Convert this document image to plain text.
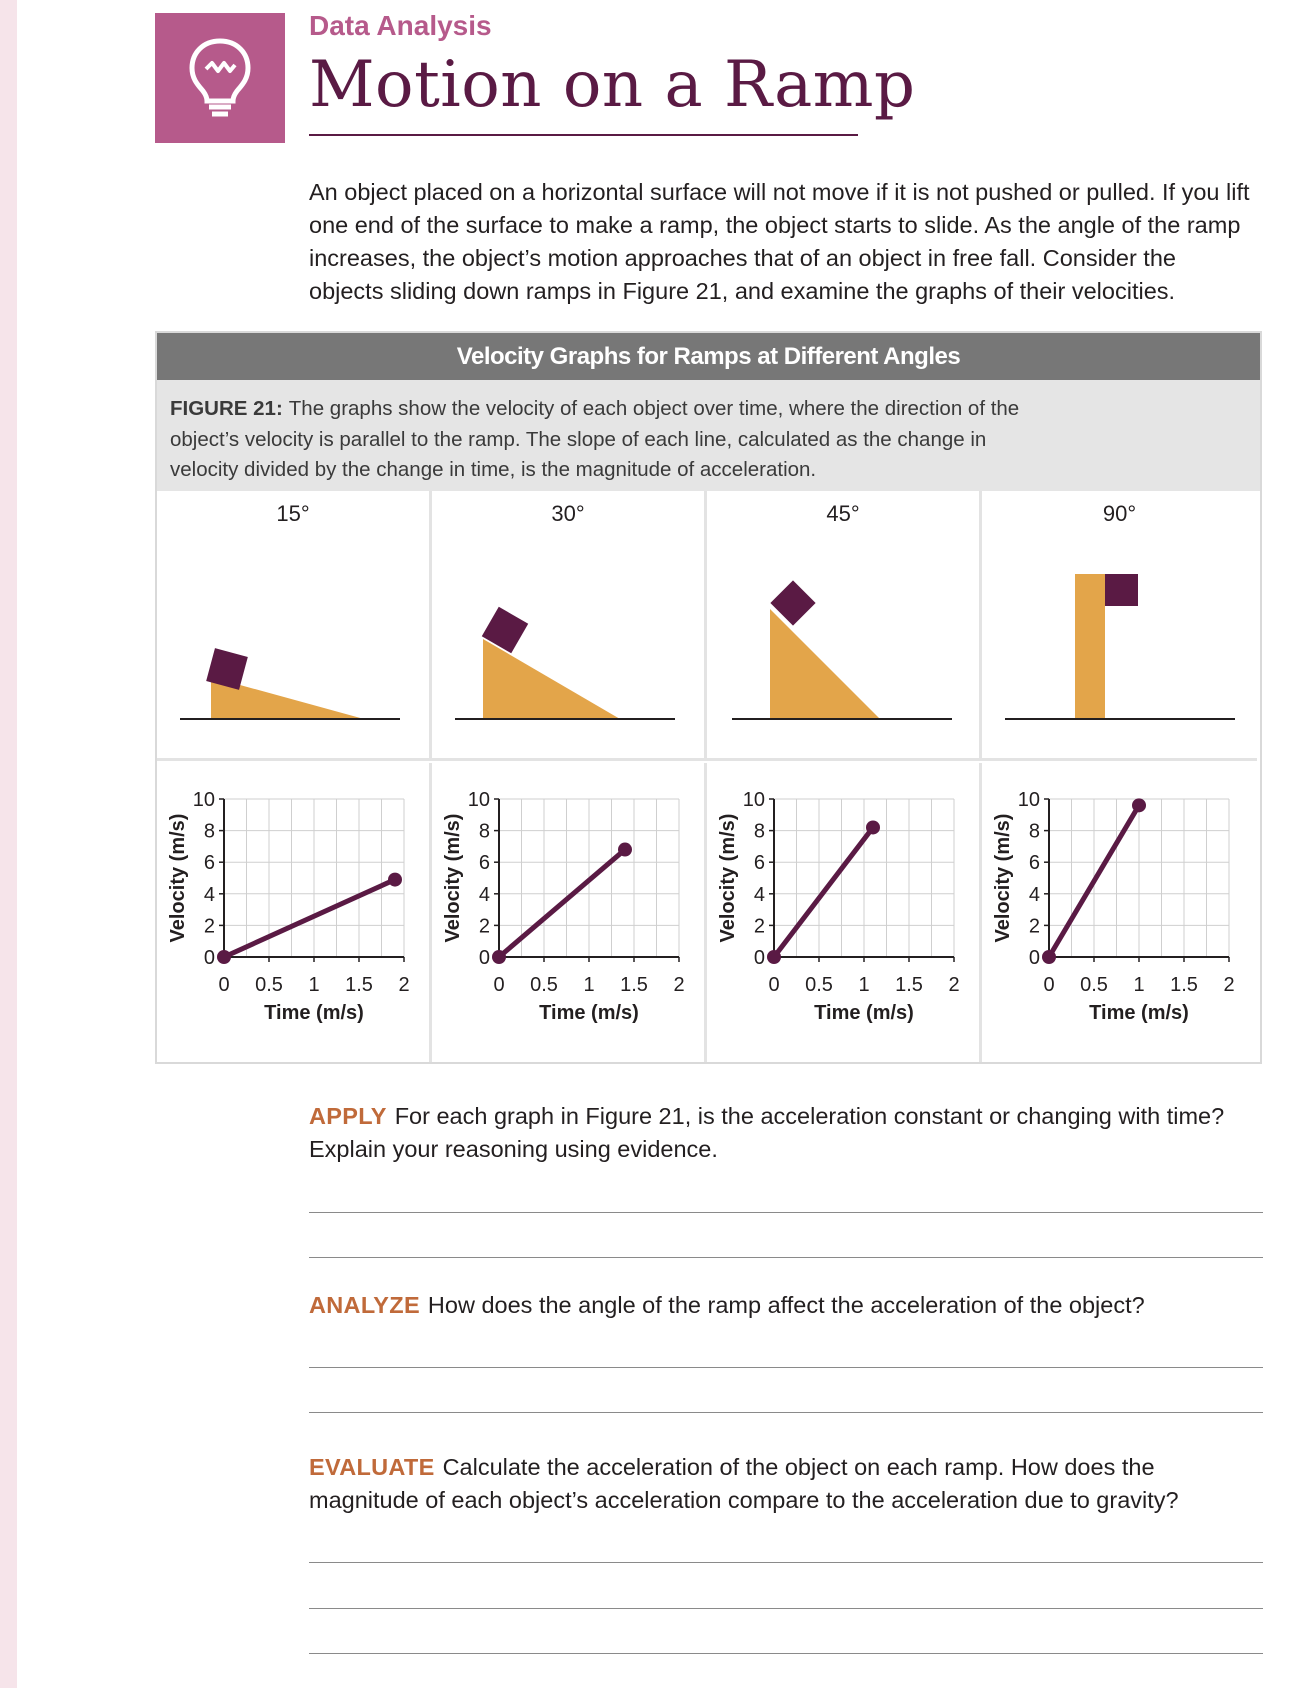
Data Analysis
Motion on a Ramp
An object placed on a horizontal surface will not move if it is not pushed or pulled. If you lift one end of the surface to make a ramp, the object starts to slide. As the angle of the ramp increases, the object’s motion approaches that of an object in free fall. Consider the objects sliding down ramps in Figure 21, and examine the graphs of their velocities.
Velocity Graphs for Ramps at Different Angles
FIGURE 21: The graphs show the velocity of each object over time, where the direction of the object’s velocity is parallel to the ramp. The slope of each line, calculated as the change in velocity divided by the change in time, is the magnitude of acceleration.
15°	30°	45°	90°
0
2
4
6
8
10
0 0.5 1 1.5 2
Time (m/s)
Velocity (m/s)
0
2
4
6
8
10
0 0.5 1 1.5 2
Time (m/s)
Velocity (m/s)
0
2
4
6
8
10
0 0.5 1 1.5 2
Time (m/s)
Velocity (m/s)
0
2
4
6
8
10
0 0.5 1 1.5 2
Time (m/s)
Velocity (m/s)
APPLY For each graph in Figure 21, is the acceleration constant or changing with time? Explain your reasoning using evidence.
ANALYZE How does the angle of the ramp affect the acceleration of the object?
EVALUATE Calculate the acceleration of the object on each ramp. How does the magnitude of each object’s acceleration compare to the acceleration due to gravity?
